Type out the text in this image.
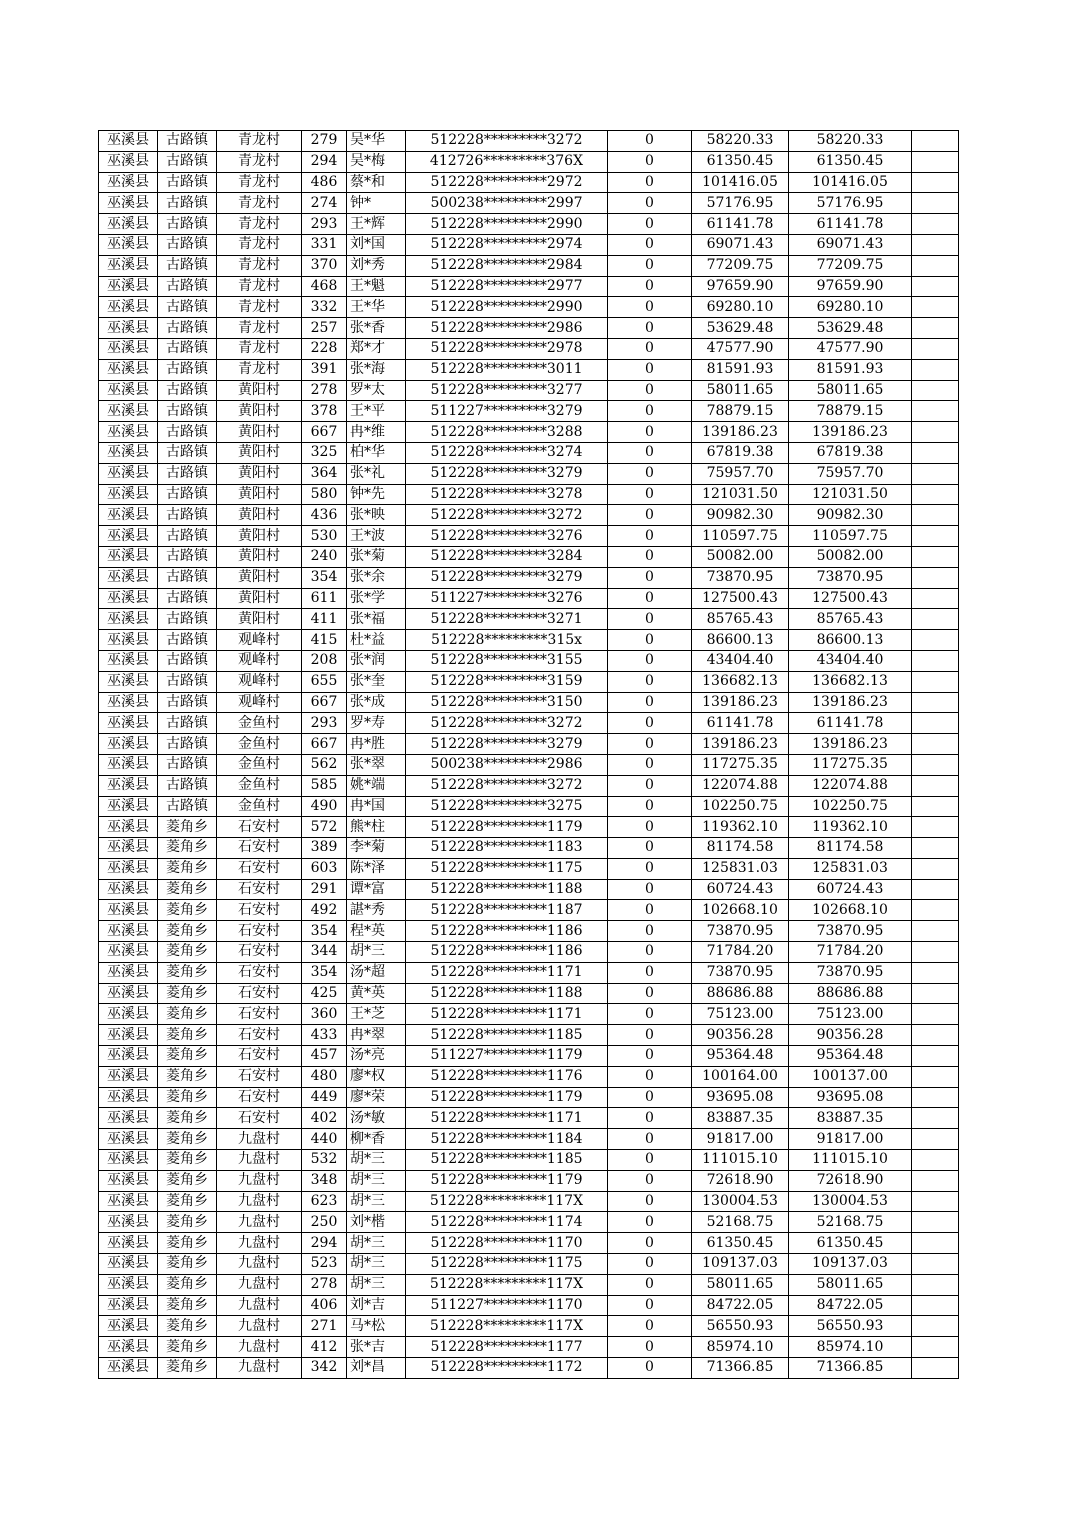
巫溪县	古路镇	青龙村	279	吴*华	512228*********3272	0	58220.33	58220.33	
巫溪县	古路镇	青龙村	294	吴*梅	412726*********376X	0	61350.45	61350.45	
巫溪县	古路镇	青龙村	486	蔡*和	512228*********2972	0	101416.05	101416.05	
巫溪县	古路镇	青龙村	274	钟*	500238*********2997	0	57176.95	57176.95	
巫溪县	古路镇	青龙村	293	王*辉	512228*********2990	0	61141.78	61141.78	
巫溪县	古路镇	青龙村	331	刘*国	512228*********2974	0	69071.43	69071.43	
巫溪县	古路镇	青龙村	370	刘*秀	512228*********2984	0	77209.75	77209.75	
巫溪县	古路镇	青龙村	468	王*魁	512228*********2977	0	97659.90	97659.90	
巫溪县	古路镇	青龙村	332	王*华	512228*********2990	0	69280.10	69280.10	
巫溪县	古路镇	青龙村	257	张*香	512228*********2986	0	53629.48	53629.48	
巫溪县	古路镇	青龙村	228	郑*才	512228*********2978	0	47577.90	47577.90	
巫溪县	古路镇	青龙村	391	张*海	512228*********3011	0	81591.93	81591.93	
巫溪县	古路镇	黄阳村	278	罗*太	512228*********3277	0	58011.65	58011.65	
巫溪县	古路镇	黄阳村	378	王*平	511227*********3279	0	78879.15	78879.15	
巫溪县	古路镇	黄阳村	667	冉*维	512228*********3288	0	139186.23	139186.23	
巫溪县	古路镇	黄阳村	325	柏*华	512228*********3274	0	67819.38	67819.38	
巫溪县	古路镇	黄阳村	364	张*礼	512228*********3279	0	75957.70	75957.70	
巫溪县	古路镇	黄阳村	580	钟*先	512228*********3278	0	121031.50	121031.50	
巫溪县	古路镇	黄阳村	436	张*映	512228*********3272	0	90982.30	90982.30	
巫溪县	古路镇	黄阳村	530	王*波	512228*********3276	0	110597.75	110597.75	
巫溪县	古路镇	黄阳村	240	张*菊	512228*********3284	0	50082.00	50082.00	
巫溪县	古路镇	黄阳村	354	张*余	512228*********3279	0	73870.95	73870.95	
巫溪县	古路镇	黄阳村	611	张*学	511227*********3276	0	127500.43	127500.43	
巫溪县	古路镇	黄阳村	411	张*福	512228*********3271	0	85765.43	85765.43	
巫溪县	古路镇	观峰村	415	杜*益	512228*********315x	0	86600.13	86600.13	
巫溪县	古路镇	观峰村	208	张*润	512228*********3155	0	43404.40	43404.40	
巫溪县	古路镇	观峰村	655	张*奎	512228*********3159	0	136682.13	136682.13	
巫溪县	古路镇	观峰村	667	张*成	512228*********3150	0	139186.23	139186.23	
巫溪县	古路镇	金鱼村	293	罗*寿	512228*********3272	0	61141.78	61141.78	
巫溪县	古路镇	金鱼村	667	冉*胜	512228*********3279	0	139186.23	139186.23	
巫溪县	古路镇	金鱼村	562	张*翠	500238*********2986	0	117275.35	117275.35	
巫溪县	古路镇	金鱼村	585	姚*端	512228*********3272	0	122074.88	122074.88	
巫溪县	古路镇	金鱼村	490	冉*国	512228*********3275	0	102250.75	102250.75	
巫溪县	菱角乡	石安村	572	熊*柱	512228*********1179	0	119362.10	119362.10	
巫溪县	菱角乡	石安村	389	李*菊	512228*********1183	0	81174.58	81174.58	
巫溪县	菱角乡	石安村	603	陈*泽	512228*********1175	0	125831.03	125831.03	
巫溪县	菱角乡	石安村	291	谭*富	512228*********1188	0	60724.43	60724.43	
巫溪县	菱角乡	石安村	492	諶*秀	512228*********1187	0	102668.10	102668.10	
巫溪县	菱角乡	石安村	354	程*英	512228*********1186	0	73870.95	73870.95	
巫溪县	菱角乡	石安村	344	胡*三	512228*********1186	0	71784.20	71784.20	
巫溪县	菱角乡	石安村	354	汤*超	512228*********1171	0	73870.95	73870.95	
巫溪县	菱角乡	石安村	425	黄*英	512228*********1188	0	88686.88	88686.88	
巫溪县	菱角乡	石安村	360	王*芝	512228*********1171	0	75123.00	75123.00	
巫溪县	菱角乡	石安村	433	冉*翠	512228*********1185	0	90356.28	90356.28	
巫溪县	菱角乡	石安村	457	汤*亮	511227*********1179	0	95364.48	95364.48	
巫溪县	菱角乡	石安村	480	廖*权	512228*********1176	0	100164.00	100137.00	
巫溪县	菱角乡	石安村	449	廖*荣	512228*********1179	0	93695.08	93695.08	
巫溪县	菱角乡	石安村	402	汤*敏	512228*********1171	0	83887.35	83887.35	
巫溪县	菱角乡	九盘村	440	柳*香	512228*********1184	0	91817.00	91817.00	
巫溪县	菱角乡	九盘村	532	胡*三	512228*********1185	0	111015.10	111015.10	
巫溪县	菱角乡	九盘村	348	胡*三	512228*********1179	0	72618.90	72618.90	
巫溪县	菱角乡	九盘村	623	胡*三	512228*********117X	0	130004.53	130004.53	
巫溪县	菱角乡	九盘村	250	刘*楷	512228*********1174	0	52168.75	52168.75	
巫溪县	菱角乡	九盘村	294	胡*三	512228*********1170	0	61350.45	61350.45	
巫溪县	菱角乡	九盘村	523	胡*三	512228*********1175	0	109137.03	109137.03	
巫溪县	菱角乡	九盘村	278	胡*三	512228*********117X	0	58011.65	58011.65	
巫溪县	菱角乡	九盘村	406	刘*吉	511227*********1170	0	84722.05	84722.05	
巫溪县	菱角乡	九盘村	271	马*松	512228*********117X	0	56550.93	56550.93	
巫溪县	菱角乡	九盘村	412	张*吉	512228*********1177	0	85974.10	85974.10	
巫溪县	菱角乡	九盘村	342	刘*昌	512228*********1172	0	71366.85	71366.85	
